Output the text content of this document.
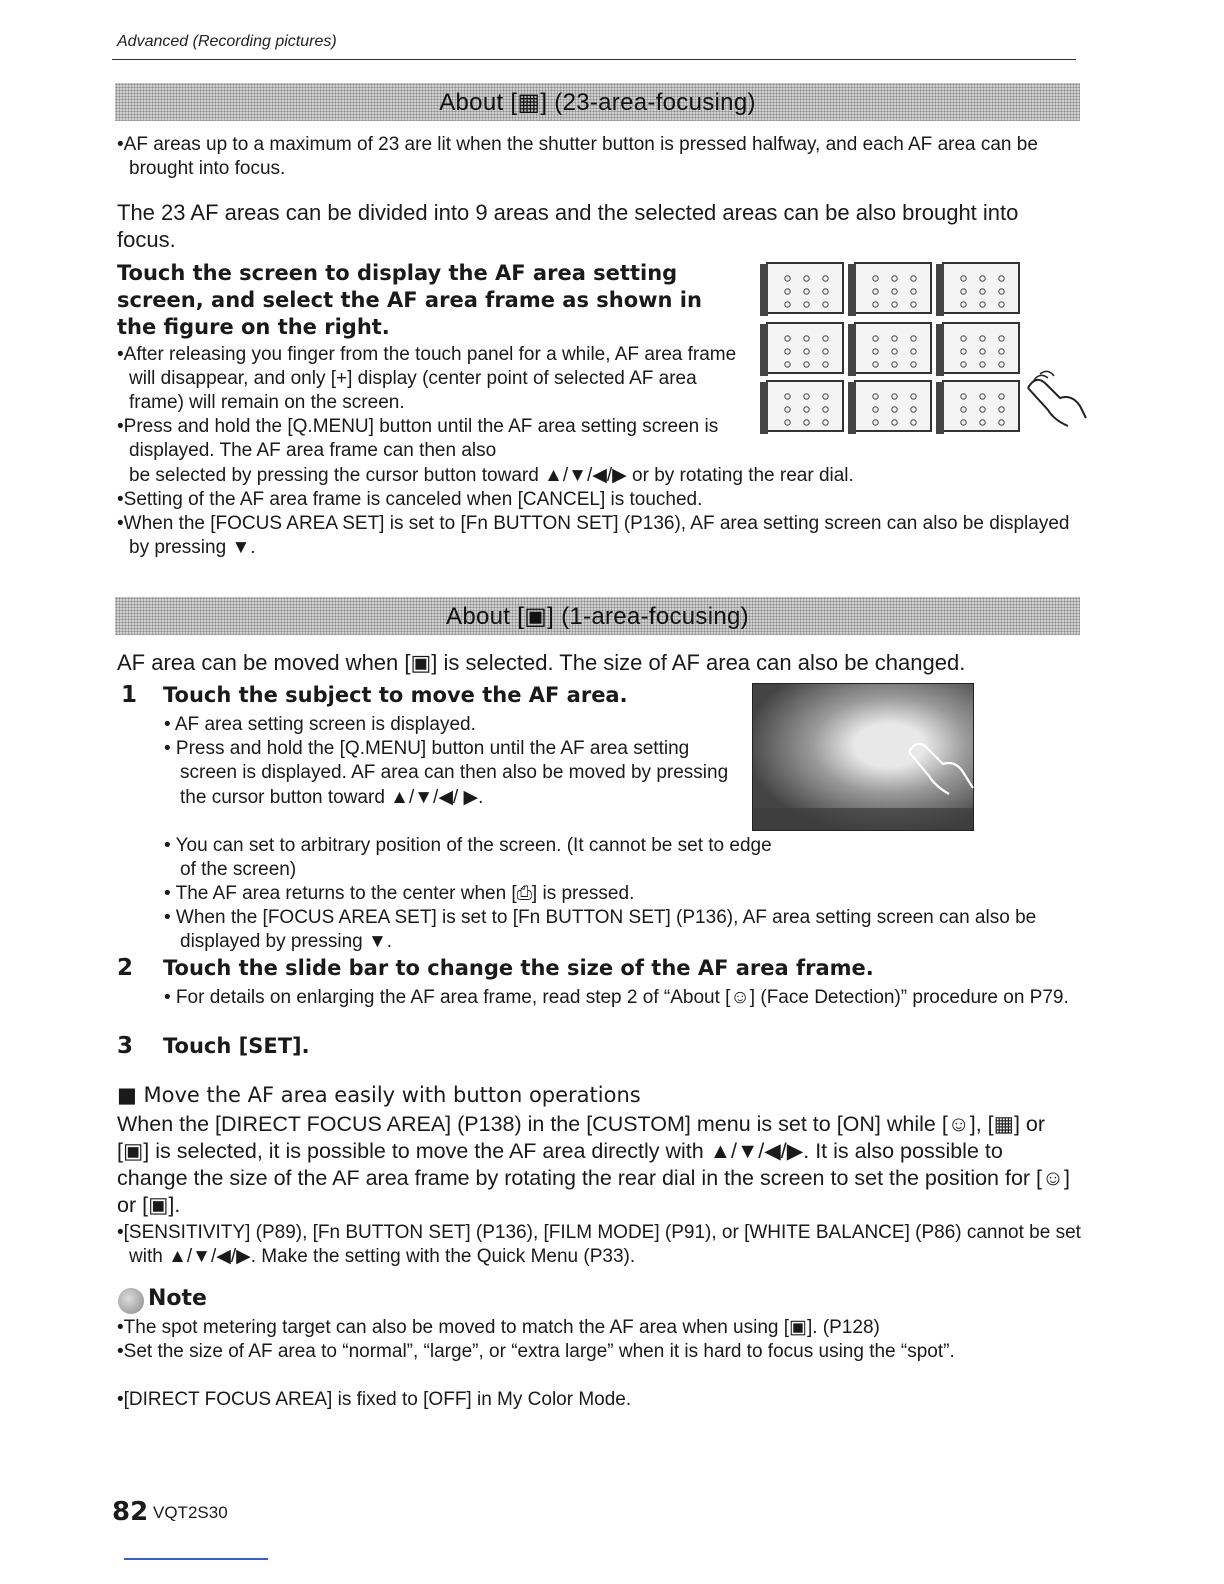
Advanced (Recording pictures)
About [▦] (23-area-focusing)
•AF areas up to a maximum of 23 are lit when the shutter button is pressed halfway, and each AF area can be brought into focus.
The 23 AF areas can be divided into 9 areas and the selected areas can be also brought into focus.
Touch the screen to display the AF area setting screen, and select the AF area frame as shown in the figure on the right.
•After releasing you finger from the touch panel for a while, AF area frame will disappear, and only [+] display (center point of selected AF area frame) will remain on the screen.
•Press and hold the [Q.MENU] button until the AF area setting screen is displayed. The AF area frame can then also
be selected by pressing the cursor button toward ▲/▼/◀/▶ or by rotating the rear dial.
•Setting of the AF area frame is canceled when [CANCEL] is touched.
•When the [FOCUS AREA SET] is set to [Fn BUTTON SET] (P136), AF area setting screen can also be displayed by pressing ▼.
About [▣] (1-area-focusing)
AF area can be moved when [▣] is selected. The size of AF area can also be changed.
1 Touch the subject to move the AF area.
• AF area setting screen is displayed.
• Press and hold the [Q.MENU] button until the AF area setting screen is displayed. AF area can then also be moved by pressing the cursor button toward ▲/▼/◀/ ▶.
• You can set to arbitrary position of the screen. (It cannot be set to edge of the screen)
• The AF area returns to the center when [⎙] is pressed.
• When the [FOCUS AREA SET] is set to [Fn BUTTON SET] (P136), AF area setting screen can also be displayed by pressing ▼.
2 Touch the slide bar to change the size of the AF area frame.
• For details on enlarging the AF area frame, read step 2 of “About [☺] (Face Detection)” procedure on P79.
3 Touch [SET].
■ Move the AF area easily with button operations
When the [DIRECT FOCUS AREA] (P138) in the [CUSTOM] menu is set to [ON] while [☺], [▦] or [▣] is selected, it is possible to move the AF area directly with ▲/▼/◀/▶. It is also possible to change the size of the AF area frame by rotating the rear dial in the screen to set the position for [☺] or [▣].
•[SENSITIVITY] (P89), [Fn BUTTON SET] (P136), [FILM MODE] (P91), or [WHITE BALANCE] (P86) cannot be set with ▲/▼/◀/▶. Make the setting with the Quick Menu (P33).
Note
•The spot metering target can also be moved to match the AF area when using [▣]. (P128)
•Set the size of AF area to “normal”, “large”, or “extra large” when it is hard to focus using the “spot”.
•[DIRECT FOCUS AREA] is fixed to [OFF] in My Color Mode.
82 VQT2S30
